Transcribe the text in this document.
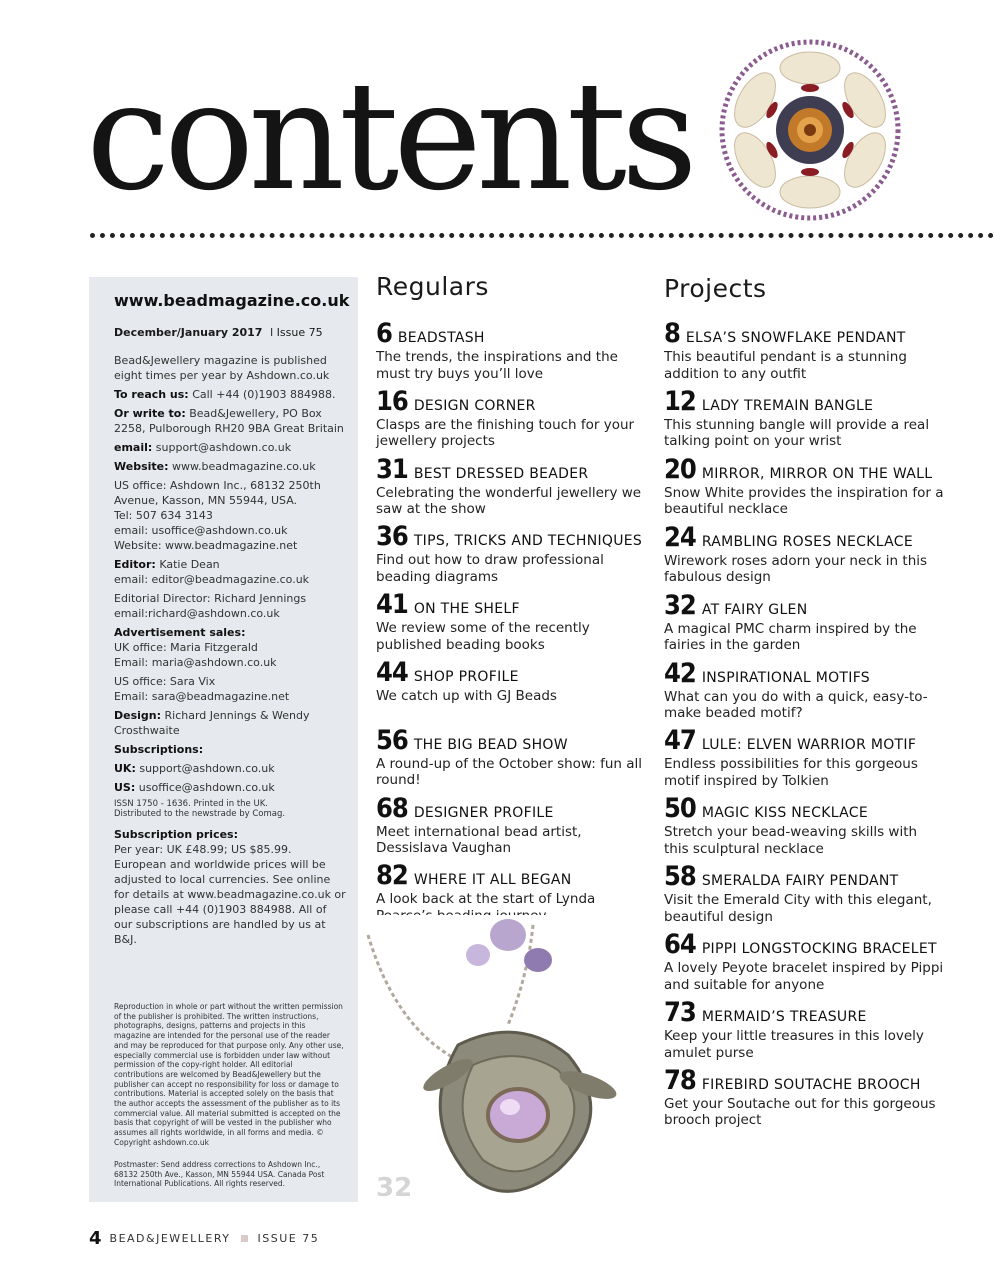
contents
www.beadmagazine.co.uk
December/January 2017 l Issue 75

Bead&Jewellery magazine is published eight times per year by Ashdown.co.uk

To reach us: Call +44 (0)1903 884988.

Or write to: Bead&Jewellery, PO Box 2258, Pulborough RH20 9BA Great Britain

email: support@ashdown.co.uk

Website: www.beadmagazine.co.uk

US office: Ashdown Inc., 68132 250th Avenue, Kasson, MN 55944, USA.
Tel: 507 634 3143
email: usoffice@ashdown.co.uk
Website: www.beadmagazine.net

Editor: Katie Dean
email: editor@beadmagazine.co.uk

Editorial Director: Richard Jennings
email:richard@ashdown.co.uk

Advertisement sales:
UK office: Maria Fitzgerald
Email: maria@ashdown.co.uk

US office: Sara Vix
Email: sara@beadmagazine.net

Design: Richard Jennings & Wendy Crosthwaite

Subscriptions:

UK: support@ashdown.co.uk

US: usoffice@ashdown.co.uk

ISSN 1750 - 1636. Printed in the UK.
Distributed to the newstrade by Comag.

Subscription prices:
Per year: UK £48.99; US $85.99. European and worldwide prices will be adjusted to local currencies. See online for details at www.beadmagazine.co.uk or please call +44 (0)1903 884988. All of our subscriptions are handled by us at B&J.

Reproduction in whole or part without the written permission of the publisher is prohibited. The written instructions, photographs, designs, patterns and projects in this magazine are intended for the personal use of the reader and may be reproduced for that purpose only. Any other use, especially commercial use is forbidden under law without permission of the copy-right holder. All editorial contributions are welcomed by Bead&Jewellery but the publisher can accept no responsibility for loss or damage to contributions. Material is accepted solely on the basis that the author accepts the assessment of the publisher as to its commercial value. All material submitted is accepted on the basis that copyright of will be vested in the publisher who assumes all rights worldwide, in all forms and media. © Copyright ashdown.co.uk
Postmaster: Send address corrections to Ashdown Inc., 68132 250th Ave., Kasson, MN 55944 USA. Canada Post International Publications. All rights reserved.
Regulars
6 BEADSTASH
The trends, the inspirations and the must try buys you’ll love
16 DESIGN CORNER
Clasps are the finishing touch for your jewellery projects
31 BEST DRESSED BEADER
Celebrating the wonderful jewellery we saw at the show
36 TIPS, TRICKS AND TECHNIQUES
Find out how to draw professional beading diagrams
41 ON THE SHELF
We review some of the recently published beading books
44 SHOP PROFILE
We catch up with GJ Beads
56 THE BIG BEAD SHOW
A round-up of the October show: fun all round!
68 DESIGNER PROFILE
Meet international bead artist, Dessislava Vaughan
82 WHERE IT ALL BEGAN
A look back at the start of Lynda
Projects
8 ELSA’S SNOWFLAKE PENDANT
This beautiful pendant is a stunning addition to any outfit
12 LADY TREMAIN BANGLE
This stunning bangle will provide a real talking point on your wrist
20 MIRROR, MIRROR ON THE WALL
Snow White provides the inspiration for a beautiful necklace
24 RAMBLING ROSES NECKLACE
Wirework roses adorn your neck in this fabulous design
32 AT FAIRY GLEN
A magical PMC charm inspired by the fairies in the garden
42 INSPIRATIONAL MOTIFS
What can you do with a quick, easy-to-make beaded motif?
47 LULE: ELVEN WARRIOR MOTIF
Endless possibilities for this gorgeous motif inspired by Tolkien
50 MAGIC KISS NECKLACE
Stretch your bead-weaving skills with this sculptural necklace
58 SMERALDA FAIRY PENDANT
Visit the Emerald City with this elegant, beautiful design
64 PIPPI LONGSTOCKING BRACELET
A lovely Peyote bracelet inspired by Pippi and suitable for anyone
73 MERMAID’S TREASURE
Keep your little treasures in this lovely amulet purse
78 FIREBIRD SOUTACHE BROOCH
Get your Soutache out for this gorgeous brooch project
32
4 BEAD&JEWELLERY ISSUE 75
